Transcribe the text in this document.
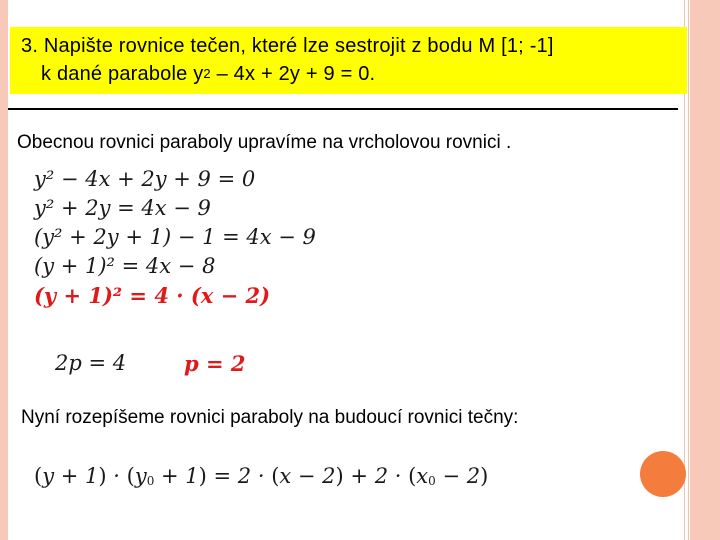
3. Napište rovnice tečen, které lze sestrojit z bodu M [1; -1]
k dané parabole $y^2 - 4x + 2y + 9 = 0$.
Obecnou rovnici paraboly upravíme na vrcholovou rovnici .
y² − 4x + 2y + 9 = 0
y² + 2y = 4x − 9
(y² + 2y + 1) − 1 = 4x − 9
(y + 1)² = 4x − 8
(y + 1)² = 4 · (x − 2)
2p = 4	p = 2
Nyní rozepíšeme rovnici paraboly na budoucí rovnici tečny:
$(y + 1) \cdot (y_0 + 1) = 2 \cdot (x - 2) + 2 \cdot (x_0 - 2)$
